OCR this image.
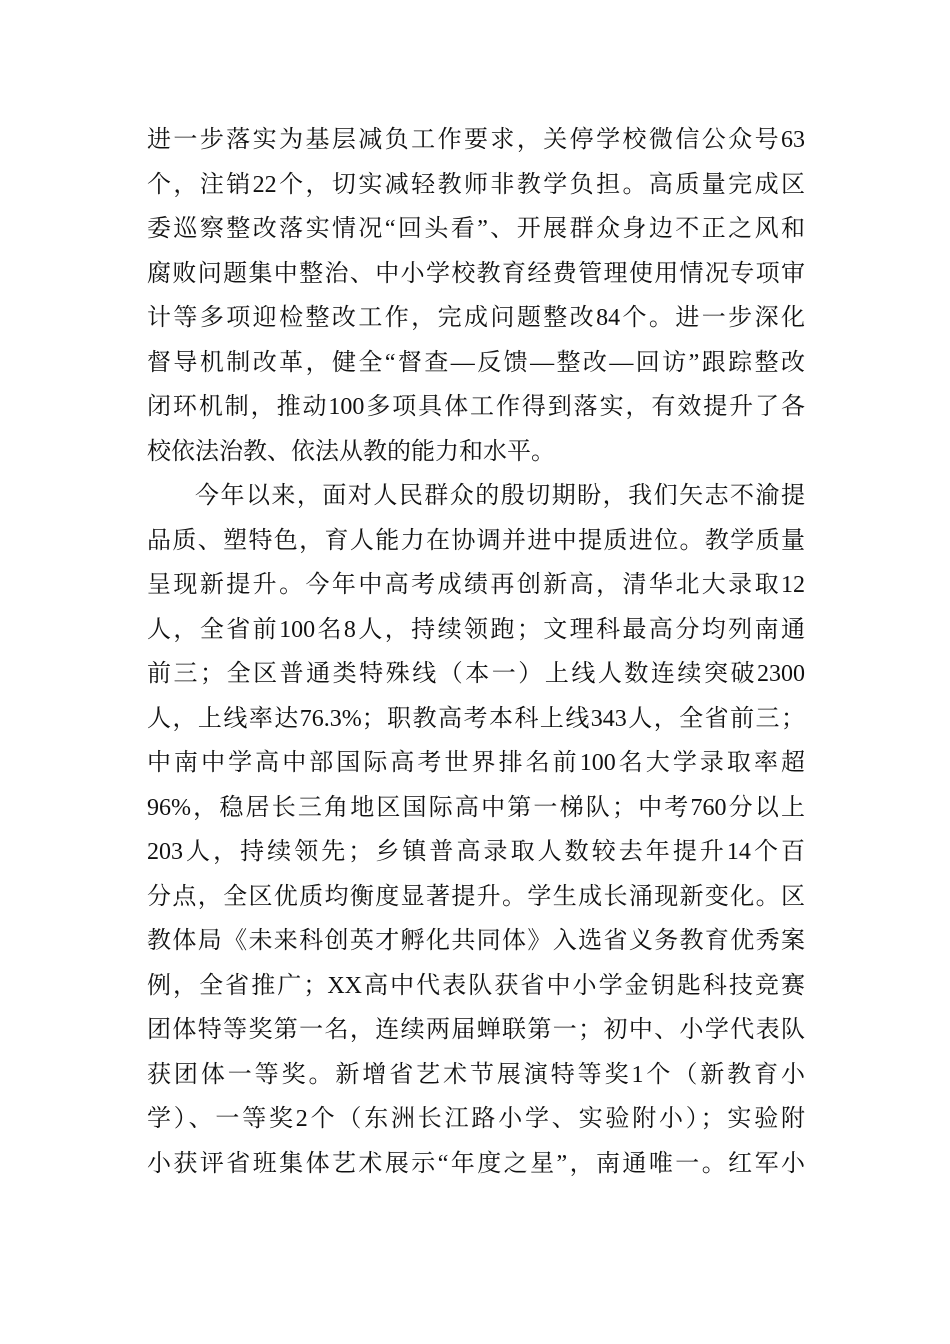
进一步落实为基层减负工作要求，关停学校微信公众号63
个，注销22个，切实减轻教师非教学负担。高质量完成区
委巡察整改落实情况“回头看”、开展群众身边不正之风和
腐败问题集中整治、中小学校教育经费管理使用情况专项审
计等多项迎检整改工作，完成问题整改84个。进一步深化
督导机制改革，健全“督查—反馈—整改—回访”跟踪整改
闭环机制，推动100多项具体工作得到落实，有效提升了各
校依法治教、依法从教的能力和水平。
今年以来，面对人民群众的殷切期盼，我们矢志不渝提
品质、塑特色，育人能力在协调并进中提质进位。教学质量
呈现新提升。今年中高考成绩再创新高，清华北大录取12
人，全省前100名8人，持续领跑；文理科最高分均列南通
前三；全区普通类特殊线（本一）上线人数连续突破2300
人，上线率达76.3%；职教高考本科上线343人，全省前三；
中南中学高中部国际高考世界排名前100名大学录取率超
96%，稳居长三角地区国际高中第一梯队；中考760分以上
203人，持续领先；乡镇普高录取人数较去年提升14个百
分点，全区优质均衡度显著提升。学生成长涌现新变化。区
教体局《未来科创英才孵化共同体》入选省义务教育优秀案
例，全省推广；XX高中代表队获省中小学金钥匙科技竞赛
团体特等奖第一名，连续两届蝉联第一；初中、小学代表队
获团体一等奖。新增省艺术节展演特等奖1个（新教育小
学）、一等奖2个（东洲长江路小学、实验附小）；实验附
小获评省班集体艺术展示“年度之星”，南通唯一。红军小
